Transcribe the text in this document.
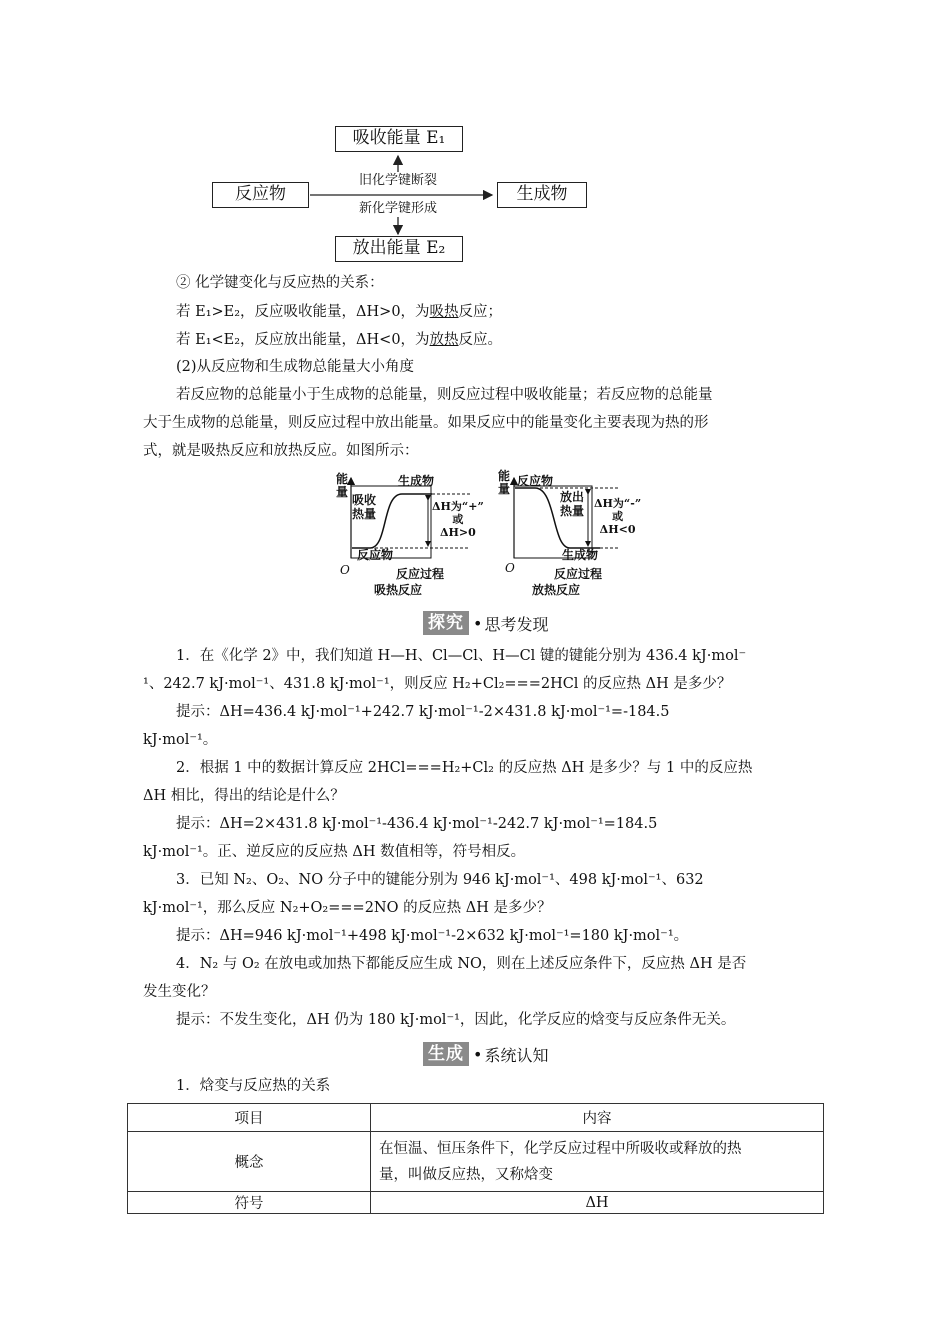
吸收能量 E₁
反应物	生成物
放出能量 E₂
旧化学键断裂
新化学键形成
② 化学键变化与反应热的关系：
若 E₁>E₂，反应吸收能量，ΔH>0，为吸热反应；
若 E₁<E₂，反应放出能量，ΔH<0，为放热反应。
(2)从反应物和生成物总能量大小角度
若反应物的总能量小于生成物的总能量，则反应过程中吸收能量；若反应物的总能量
大于生成物的总能量，则反应过程中放出能量。如果反应中的能量变化主要表现为热的形
式，就是吸热反应和放热反应。如图所示：
能
量
O
生成物
吸收
热量
ΔH为“+”
或
ΔH>0
反应物
反应过程
吸热反应
能
量
O
反应物
放出
热量
ΔH为“-”
或
ΔH<0
生成物
反应过程
放热反应
探究 • 思考发现
1．在《化学 2》中，我们知道 H—H、Cl—Cl、H—Cl 键的键能分别为 436.4 kJ·mol⁻
¹、242.7 kJ·mol⁻¹、431.8 kJ·mol⁻¹，则反应 H₂+Cl₂===2HCl 的反应热 ΔH 是多少？
提示：ΔH=436.4 kJ·mol⁻¹+242.7 kJ·mol⁻¹-2×431.8 kJ·mol⁻¹=-184.5
kJ·mol⁻¹。
2．根据 1 中的数据计算反应 2HCl===H₂+Cl₂ 的反应热 ΔH 是多少？与 1 中的反应热
ΔH 相比，得出的结论是什么？
提示：ΔH=2×431.8 kJ·mol⁻¹-436.4 kJ·mol⁻¹-242.7 kJ·mol⁻¹=184.5
kJ·mol⁻¹。正、逆反应的反应热 ΔH 数值相等，符号相反。
3．已知 N₂、O₂、NO 分子中的键能分别为 946 kJ·mol⁻¹、498 kJ·mol⁻¹、632
kJ·mol⁻¹，那么反应 N₂+O₂===2NO 的反应热 ΔH 是多少？
提示：ΔH=946 kJ·mol⁻¹+498 kJ·mol⁻¹-2×632 kJ·mol⁻¹=180 kJ·mol⁻¹。
4．N₂ 与 O₂ 在放电或加热下都能反应生成 NO，则在上述反应条件下，反应热 ΔH 是否
发生变化？
提示：不发生变化，ΔH 仍为 180 kJ·mol⁻¹，因此，化学反应的焓变与反应条件无关。
生成 • 系统认知
1．焓变与反应热的关系
项目	内容
概念	在恒温、恒压条件下，化学反应过程中所吸收或释放的热
量，叫做反应热，又称焓变

符号	ΔH
